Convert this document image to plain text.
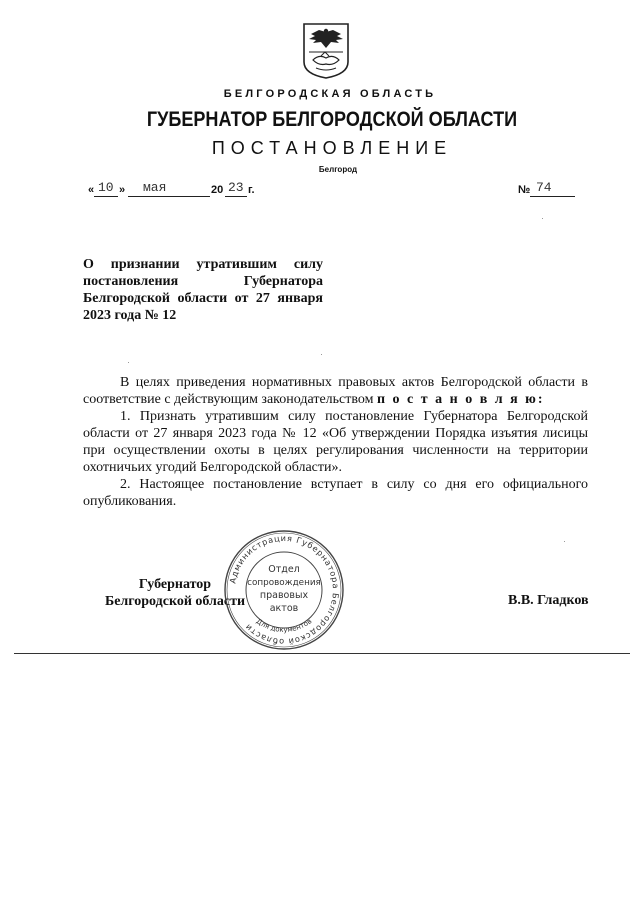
БЕЛГОРОДСКАЯ ОБЛАСТЬ
ГУБЕРНАТОР БЕЛГОРОДСКОЙ ОБЛАСТИ
ПОСТАНОВЛЕНИЕ
Белгород
« 10 » мая	20 23 г.	№ 74
О признании утратившим силу
постановления Губернатора
Белгородской области от 27 января
2023 года № 12

В целях приведения нормативных правовых актов Белгородской области в соответствие с действующим законодательством п о с т а н о в л я ю:

1. Признать утратившим силу постановление Губернатора Белгородской области от 27 января 2023 года № 12 «Об утверждении Порядка изъятия лисицы при осуществлении охоты в целях регулирования численности на территории охотничьих угодий Белгородской области».

2. Настоящее постановление вступает в силу со дня его официального опубликования.

Губернатор
Белгородской области
Администрация Губернатора Белгородской области Для документов
Отдел
сопровождения
правовых
актов
В.В. Гладков
